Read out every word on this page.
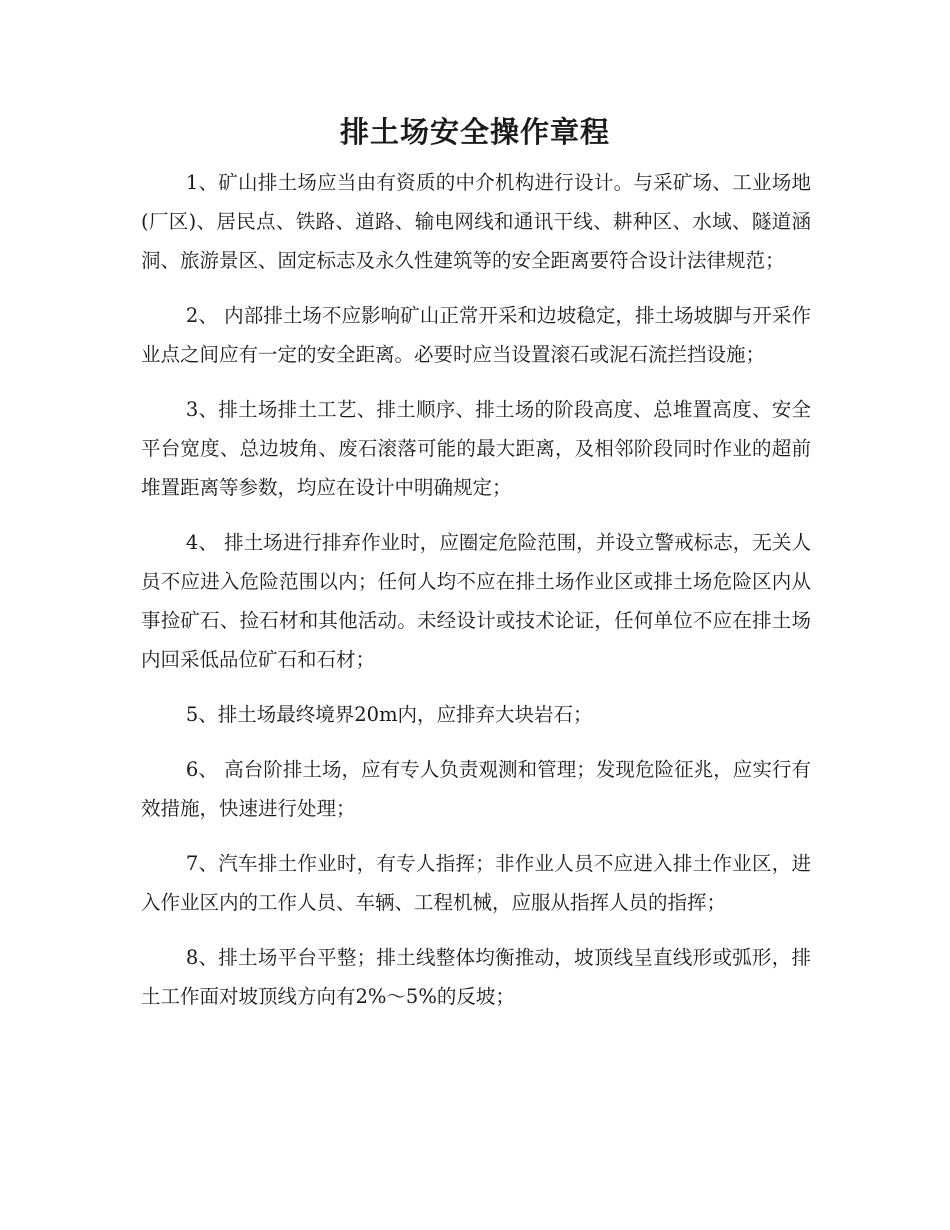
排土场安全操作章程

1、矿山排土场应当由有资质的中介机构进行设计。与采矿场、工业场地(厂区)、居民点、铁路、道路、输电网线和通讯干线、耕种区、水域、隧道涵洞、旅游景区、固定标志及永久性建筑等的安全距离要符合设计法律规范；

2、 内部排土场不应影响矿山正常开采和边坡稳定，排土场坡脚与开采作业点之间应有一定的安全距离。必要时应当设置滚石或泥石流拦挡设施；

3、排土场排土工艺、排土顺序、排土场的阶段高度、总堆置高度、安全平台宽度、总边坡角、废石滚落可能的最大距离，及相邻阶段同时作业的超前堆置距离等参数，均应在设计中明确规定；

4、 排土场进行排弃作业时，应圈定危险范围，并设立警戒标志，无关人员不应进入危险范围以内；任何人均不应在排土场作业区或排土场危险区内从事捡矿石、捡石材和其他活动。未经设计或技术论证，任何单位不应在排土场内回采低品位矿石和石材；

5、排土场最终境界20m内，应排弃大块岩石；

6、 高台阶排土场，应有专人负责观测和管理；发现危险征兆，应实行有效措施，快速进行处理；

7、汽车排土作业时，有专人指挥；非作业人员不应进入排土作业区，进入作业区内的工作人员、车辆、工程机械，应服从指挥人员的指挥；

8、排土场平台平整；排土线整体均衡推动，坡顶线呈直线形或弧形，排土工作面对坡顶线方向有2%～5%的反坡；
